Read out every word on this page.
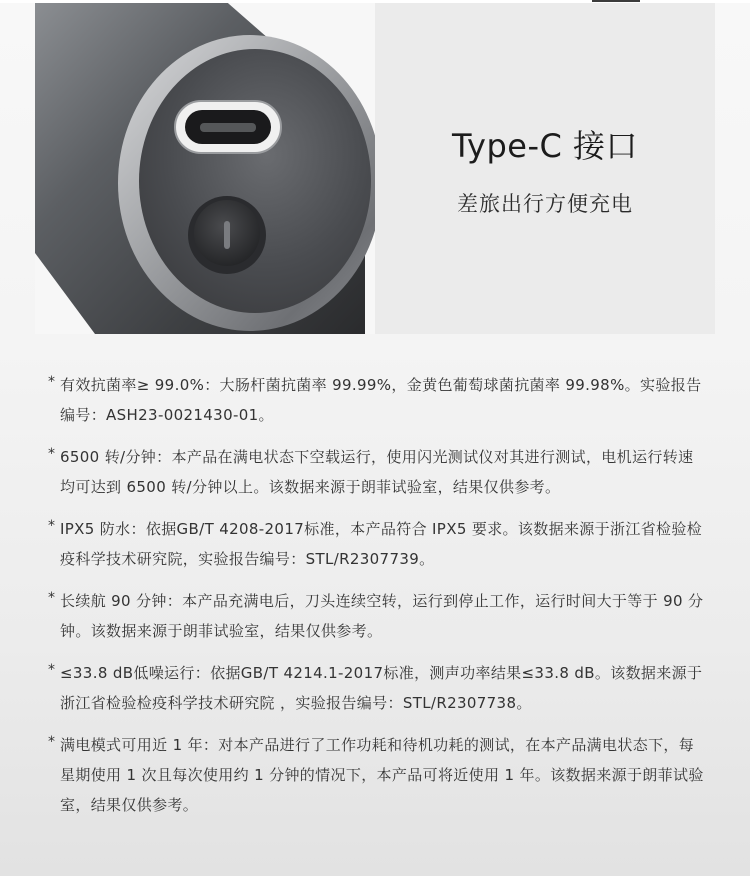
Type-C 接口
差旅出行方便充电
* 有效抗菌率≥ 99.0%：大肠杆菌抗菌率 99.99%，金黄色葡萄球菌抗菌率 99.98%。实验报告编号：ASH23-0021430-01。
* 6500 转/分钟：本产品在满电状态下空载运行，使用闪光测试仪对其进行测试，电机运行转速均可达到 6500 转/分钟以上。该数据来源于朗菲试验室，结果仅供参考。
* IPX5 防水：依据GB/T 4208-2017标准，本产品符合 IPX5 要求。该数据来源于浙江省检验检疫科学技术研究院，实验报告编号：STL/R2307739。
* 长续航 90 分钟：本产品充满电后，刀头连续空转，运行到停止工作，运行时间大于等于 90 分钟。该数据来源于朗菲试验室，结果仅供参考。
* ≤33.8 dB低噪运行：依据GB/T 4214.1-2017标准，测声功率结果≤33.8 dB。该数据来源于浙江省检验检疫科学技术研究院 ，实验报告编号：STL/R2307738。
* 满电模式可用近 1 年：对本产品进行了工作功耗和待机功耗的测试，在本产品满电状态下，每星期使用 1 次且每次使用约 1 分钟的情况下，本产品可将近使用 1 年。该数据来源于朗菲试验室，结果仅供参考。
